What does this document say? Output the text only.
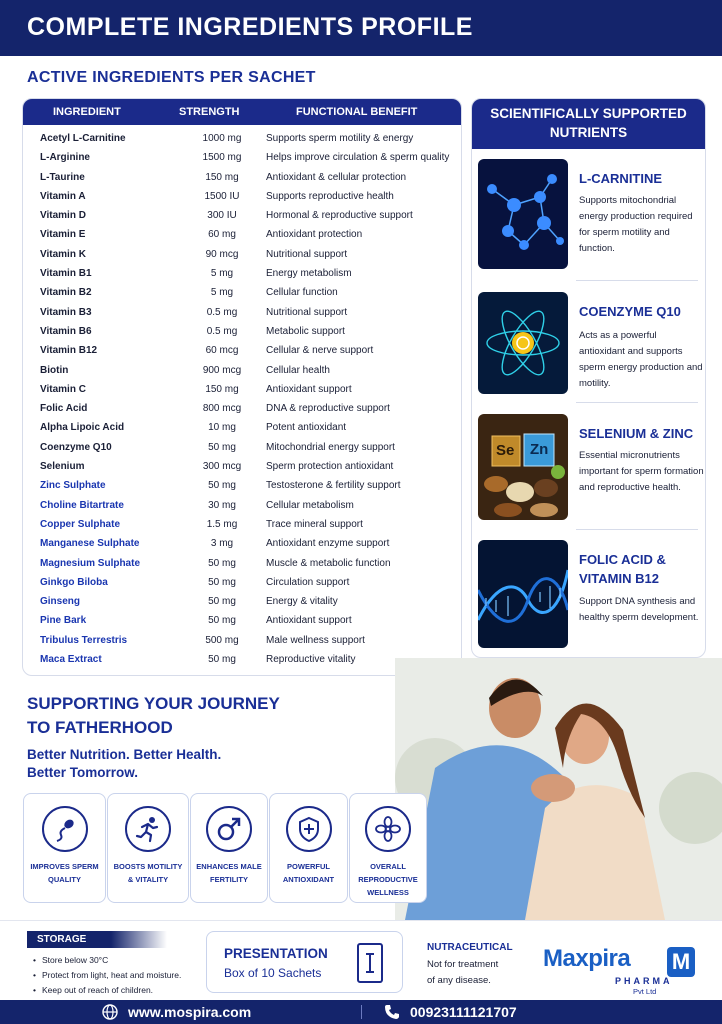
COMPLETE INGREDIENTS PROFILE
ACTIVE INGREDIENTS PER SACHET
INGREDIENT	STRENGTH	FUNCTIONAL BENEFIT
Acetyl L-Carnitine	1000 mg	Supports sperm motility & energy
L-Arginine	1500 mg	Helps improve circulation & sperm quality
L-Taurine	150 mg	Antioxidant & cellular protection
Vitamin A	1500 IU	Supports reproductive health
Vitamin D	300 IU	Hormonal & reproductive support
Vitamin E	60 mg	Antioxidant protection
Vitamin K	90 mcg	Nutritional support
Vitamin B1	5 mg	Energy metabolism
Vitamin B2	5 mg	Cellular function
Vitamin B3	0.5 mg	Nutritional support
Vitamin B6	0.5 mg	Metabolic support
Vitamin B12	60 mcg	Cellular & nerve support
Biotin	900 mcg	Cellular health
Vitamin C	150 mg	Antioxidant support
Folic Acid	800 mcg	DNA & reproductive support
Alpha Lipoic Acid	10 mg	Potent antioxidant
Coenzyme Q10	50 mg	Mitochondrial energy support
Selenium	300 mcg	Sperm protection antioxidant
Zinc Sulphate	50 mg	Testosterone & fertility support
Choline Bitartrate	30 mg	Cellular metabolism
Copper Sulphate	1.5 mg	Trace mineral support
Manganese Sulphate	3 mg	Antioxidant enzyme support
Magnesium Sulphate	50 mg	Muscle & metabolic function
Ginkgo Biloba	50 mg	Circulation support
Ginseng	50 mg	Energy & vitality
Pine Bark	50 mg	Antioxidant support
Tribulus Terrestris	500 mg	Male wellness support
Maca Extract	50 mg	Reproductive vitality
SCIENTIFICALLY SUPPORTED NUTRIENTS
L-CARNITINE

Supports mitochondrial energy production required for sperm motility and function.

COENZYME Q10

Acts as a powerful antioxidant and supports sperm energy production and motility.

Se Zn
SELENIUM & ZINC

Essential micronutrients important for sperm formation and reproductive health.

FOLIC ACID & VITAMIN B12

Support DNA synthesis and healthy sperm development.

SUPPORTING YOUR JOURNEY
TO FATHERHOOD
Better Nutrition. Better Health.
Better Tomorrow.
IMPROVES SPERM QUALITY
BOOSTS MOTILITY & VITALITY
ENHANCES MALE FERTILITY
POWERFUL ANTIOXIDANT
OVERALL REPRODUCTIVE WELLNESS
STORAGE
• Store below 30°C
• Protect from light, heat and moisture.
• Keep out of reach of children.
PRESENTATION
Box of 10 Sachets
NUTRACEUTICAL
Not for treatment
of any disease.
Maxpira M
PHARMA
Pvt Ltd
www.mospira.com	00923111121707
